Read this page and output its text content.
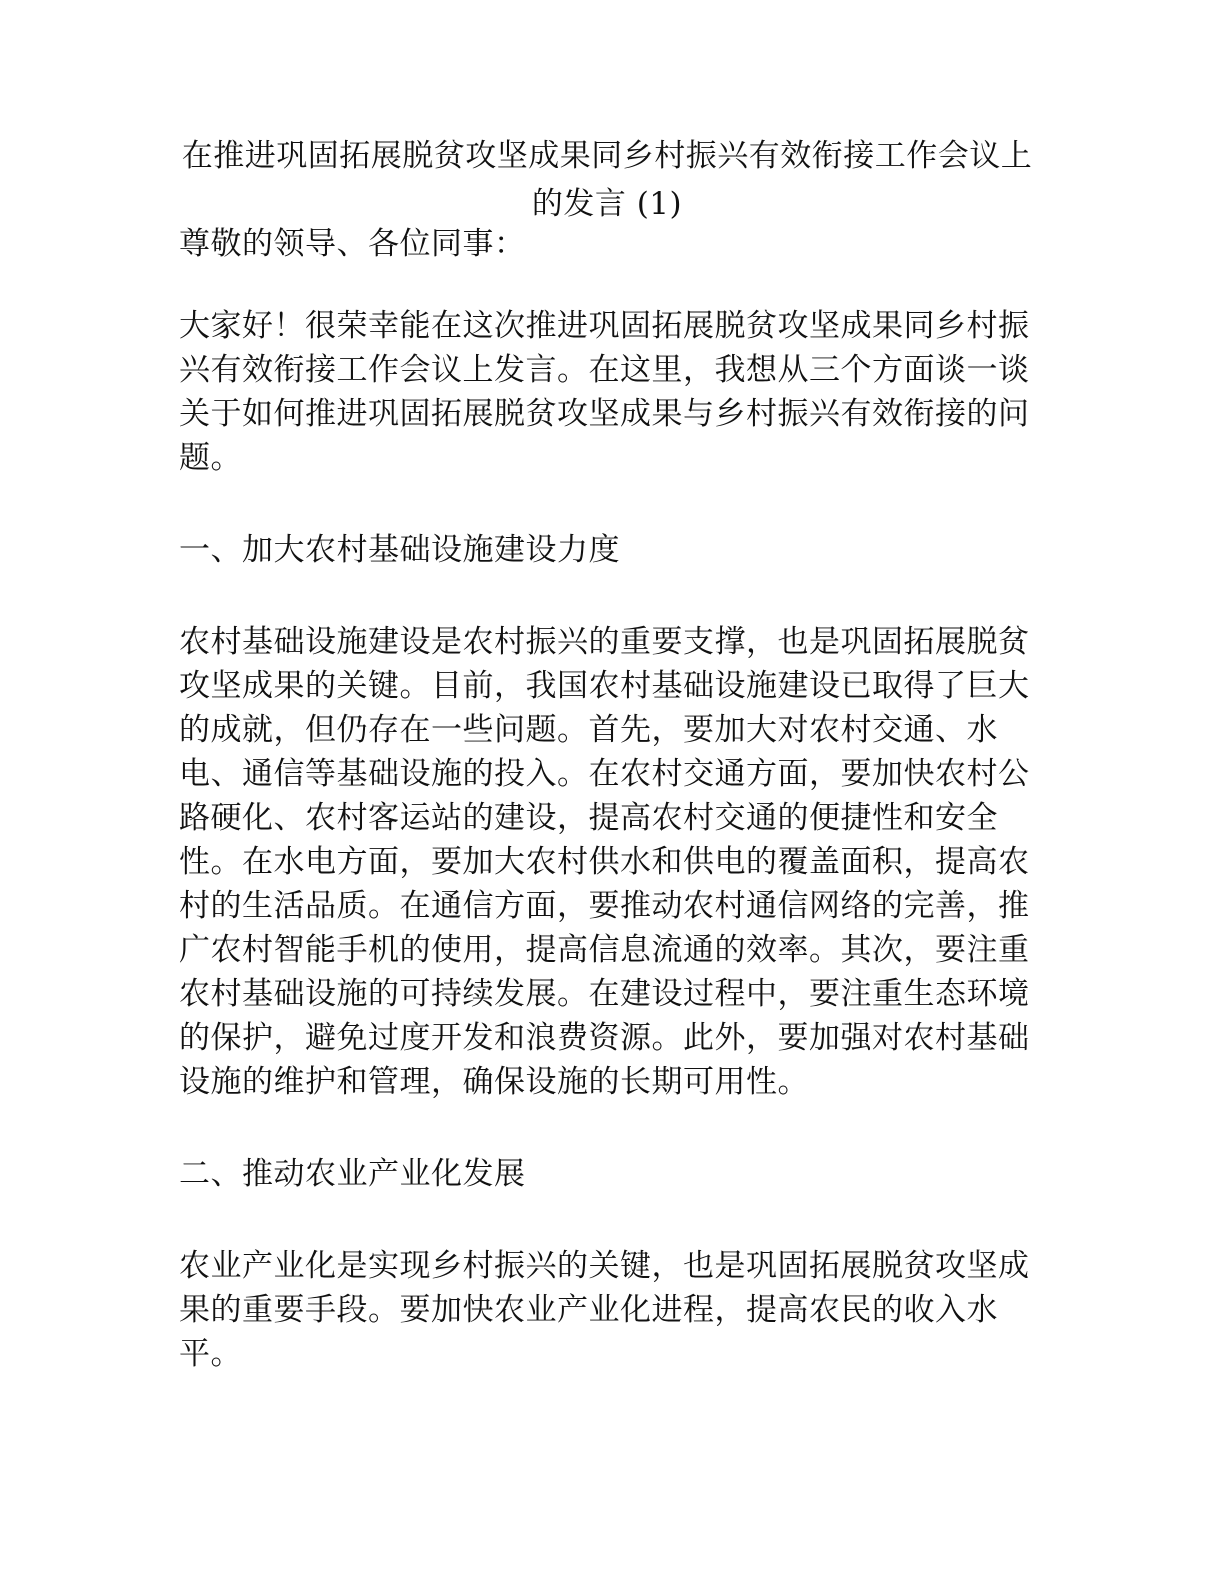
在推进巩固拓展脱贫攻坚成果同乡村振兴有效衔接工作会议上的发言 (1)

尊敬的领导、各位同事：

大家好！很荣幸能在这次推进巩固拓展脱贫攻坚成果同乡村振兴有效衔接工作会议上发言。在这里，我想从三个方面谈一谈关于如何推进巩固拓展脱贫攻坚成果与乡村振兴有效衔接的问题。

一、加大农村基础设施建设力度

农村基础设施建设是农村振兴的重要支撑，也是巩固拓展脱贫攻坚成果的关键。目前，我国农村基础设施建设已取得了巨大的成就，但仍存在一些问题。首先，要加大对农村交通、水电、通信等基础设施的投入。在农村交通方面，要加快农村公路硬化、农村客运站的建设，提高农村交通的便捷性和安全性。在水电方面，要加大农村供水和供电的覆盖面积，提高农村的生活品质。在通信方面，要推动农村通信网络的完善，推广农村智能手机的使用，提高信息流通的效率。其次，要注重农村基础设施的可持续发展。在建设过程中，要注重生态环境的保护，避免过度开发和浪费资源。此外，要加强对农村基础设施的维护和管理，确保设施的长期可用性。

二、推动农业产业化发展

农业产业化是实现乡村振兴的关键，也是巩固拓展脱贫攻坚成果的重要手段。要加快农业产业化进程，提高农民的收入水平。
